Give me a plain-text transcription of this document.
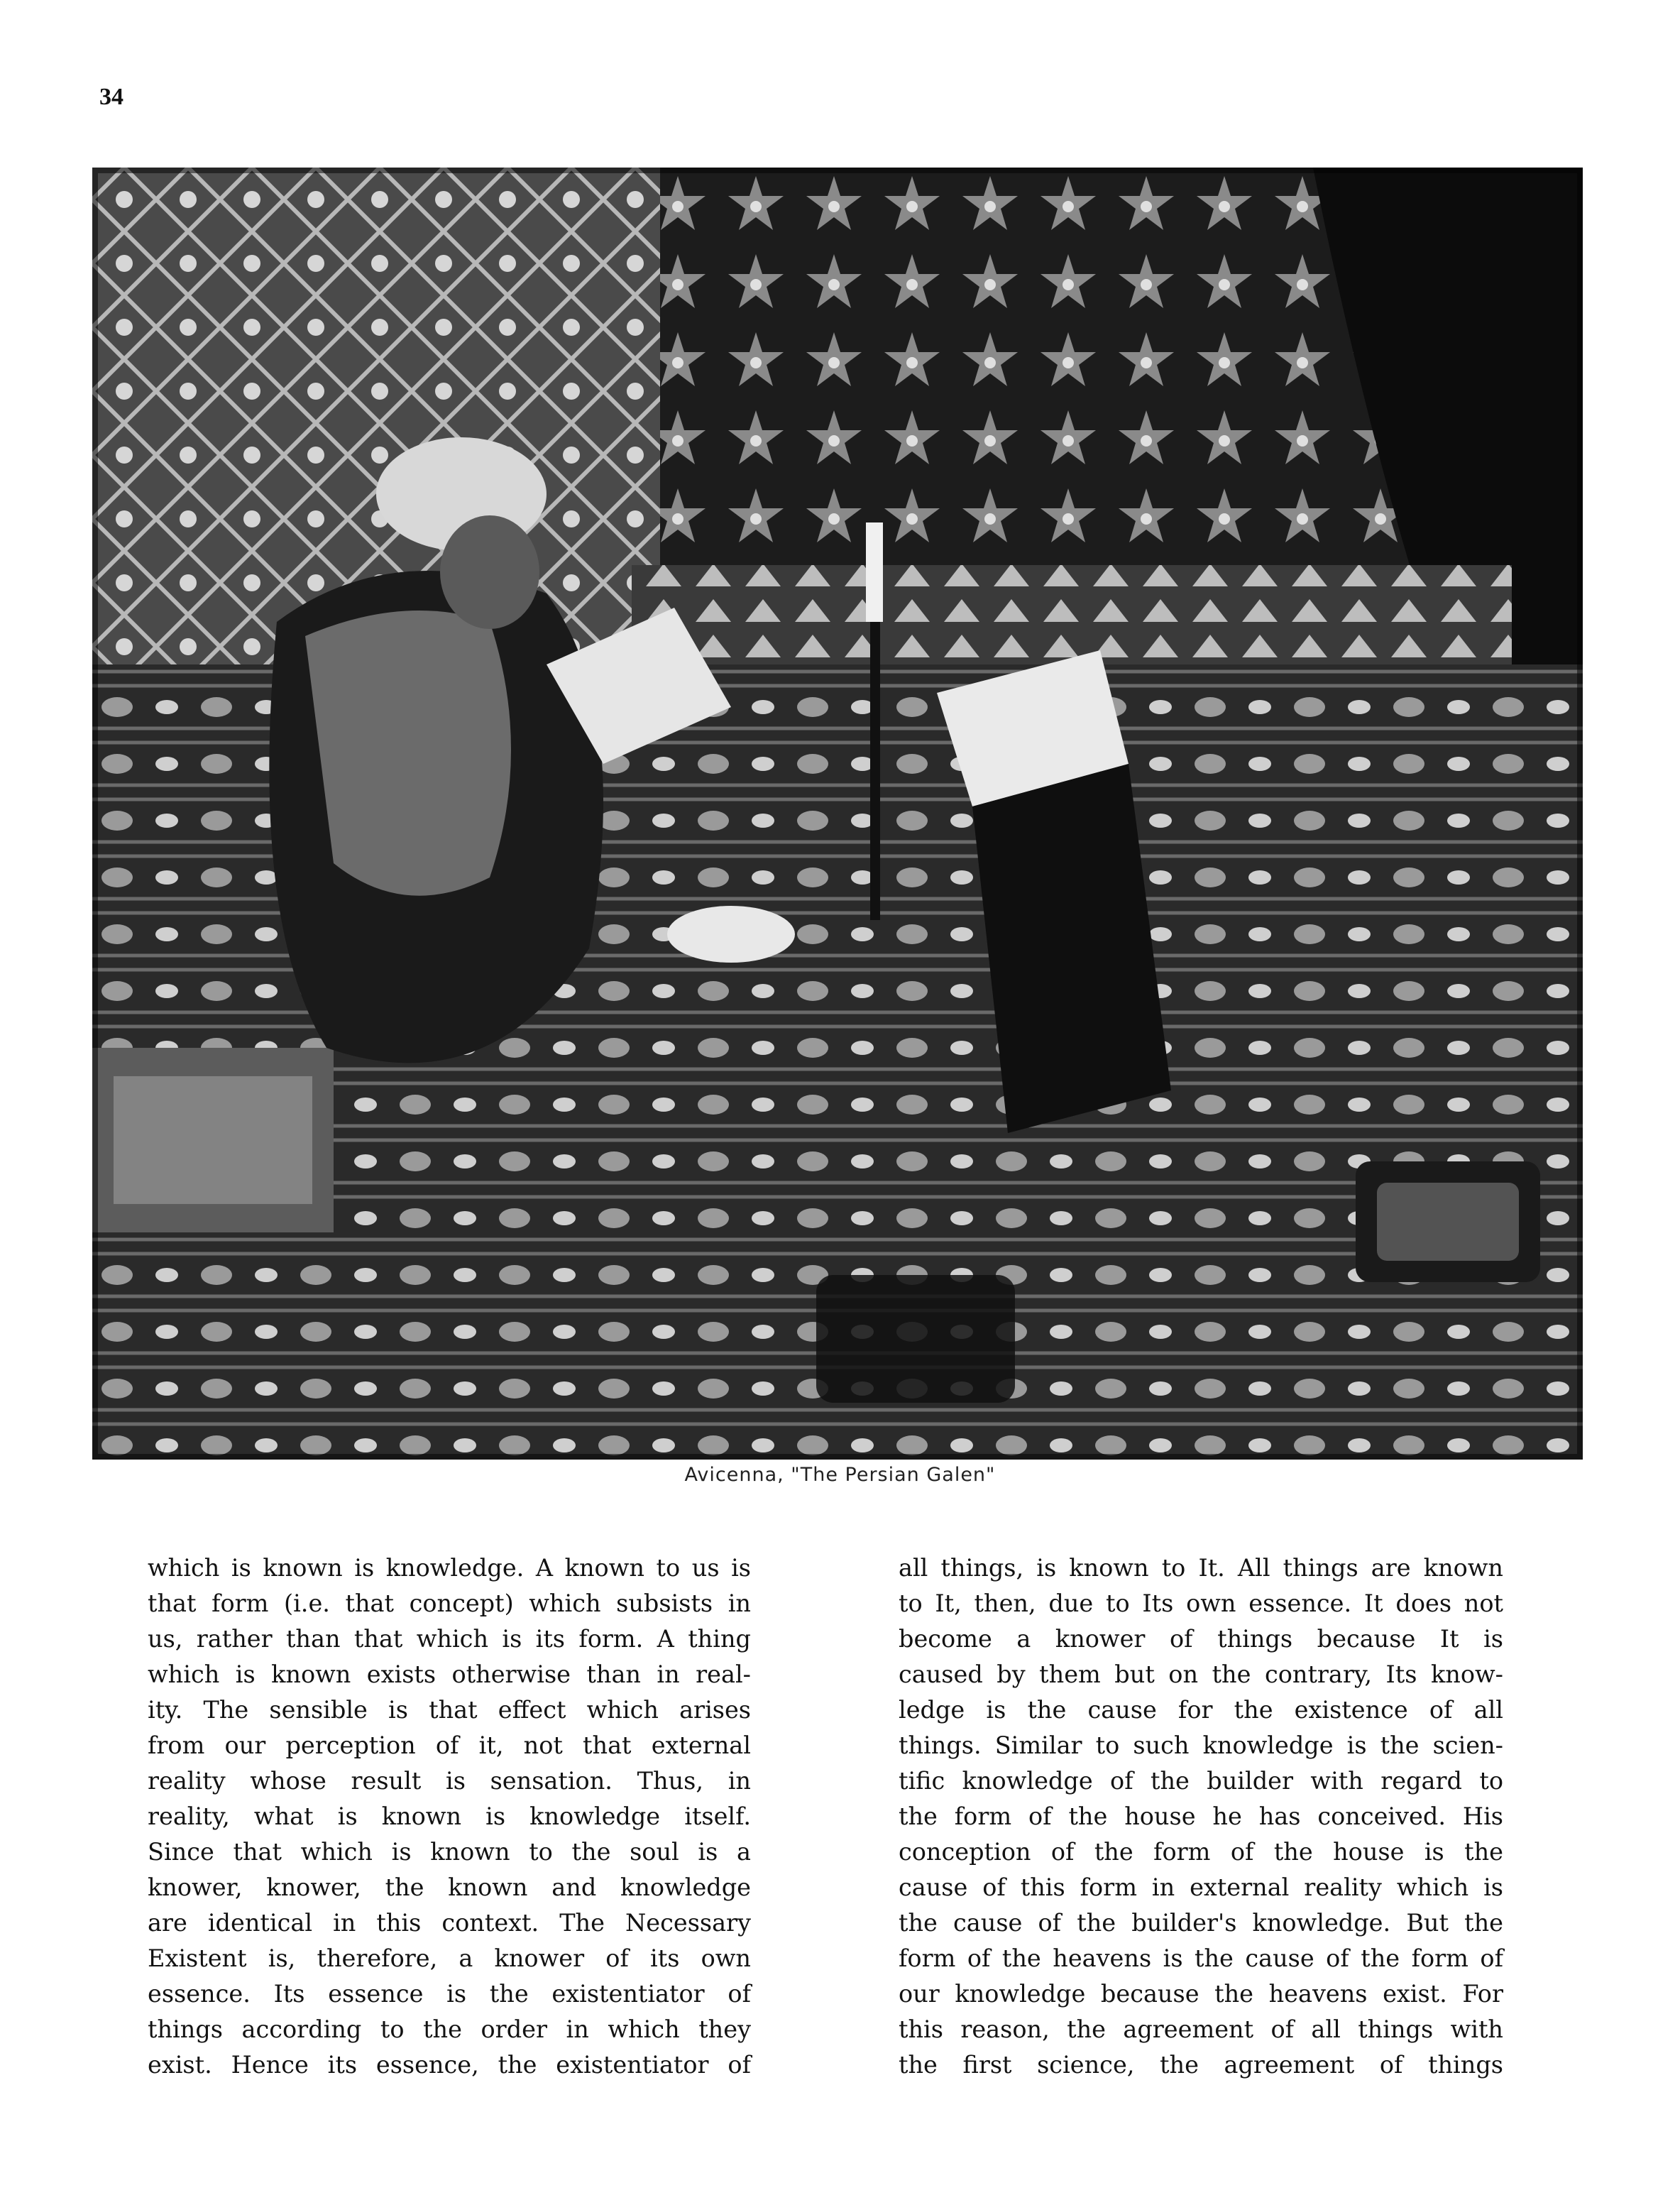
34
Avicenna, "The Persian Galen"
which is known is knowledge. A known to us is
that form (i.e. that concept) which subsists in
us, rather than that which is its form. A thing
which is known exists otherwise than in real-
ity. The sensible is that effect which arises
from our perception of it, not that external
reality whose result is sensation. Thus, in
reality, what is known is knowledge itself.
Since that which is known to the soul is a
knower, knower, the known and knowledge
are identical in this context. The Necessary
Existent is, therefore, a knower of its own
essence. Its essence is the existentiator of
things according to the order in which they
exist. Hence its essence, the existentiator of
all things, is known to It. All things are known
to It, then, due to Its own essence. It does not
become a knower of things because It is
caused by them but on the contrary, Its know-
ledge is the cause for the existence of all
things. Similar to such knowledge is the scien-
tific knowledge of the builder with regard to
the form of the house he has conceived. His
conception of the form of the house is the
cause of this form in external reality which is
the cause of the builder's knowledge. But the
form of the heavens is the cause of the form of
our knowledge because the heavens exist. For
this reason, the agreement of all things with
the first science, the agreement of things
